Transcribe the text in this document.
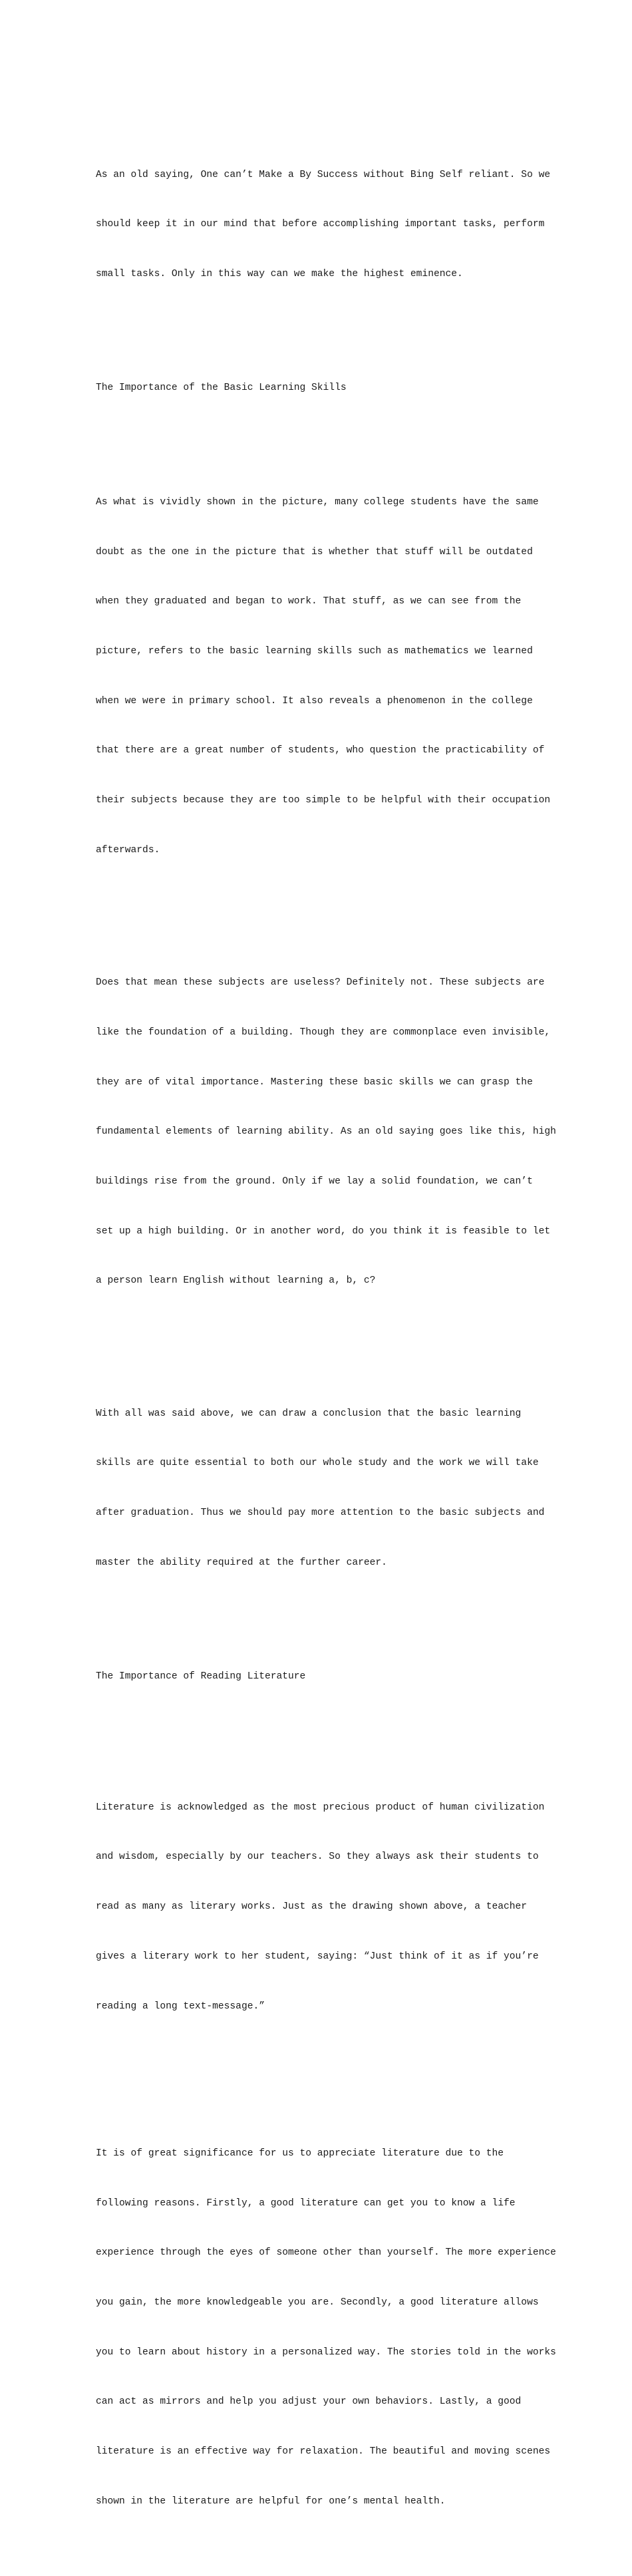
As an old saying, One can’t Make a By Success without Bing Self reliant. So we

should keep it in our mind that before accomplishing important tasks, perform

small tasks. Only in this way can we make the highest eminence.

The Importance of the Basic Learning Skills

As what is vividly shown in the picture, many college students have the same

doubt as the one in the picture that is whether that stuff will be outdated

when they graduated and began to work. That stuff, as we can see from the

picture, refers to the basic learning skills such as mathematics we learned

when we were in primary school. It also reveals a phenomenon in the college

that there are a great number of students, who question the practicability of

their subjects because they are too simple to be helpful with their occupation

afterwards.

Does that mean these subjects are useless? Definitely not. These subjects are

like the foundation of a building. Though they are commonplace even invisible,

they are of vital importance. Mastering these basic skills we can grasp the

fundamental elements of learning ability. As an old saying goes like this, high

buildings rise from the ground. Only if we lay a solid foundation, we can’t

set up a high building. Or in another word, do you think it is feasible to let

a person learn English without learning a, b, c?

With all was said above, we can draw a conclusion that the basic learning

skills are quite essential to both our whole study and the work we will take

after graduation. Thus we should pay more attention to the basic subjects and

master the ability required at the further career.

The Importance of Reading Literature

Literature is acknowledged as the most precious product of human civilization

and wisdom, especially by our teachers. So they always ask their students to

read as many as literary works. Just as the drawing shown above, a teacher

gives a literary work to her student, saying: “Just think of it as if you’re

reading a long text-message.”

It is of great significance for us to appreciate literature due to the

following reasons. Firstly, a good literature can get you to know a life

experience through the eyes of someone other than yourself. The more experience

you gain, the more knowledgeable you are. Secondly, a good literature allows

you to learn about history in a personalized way. The stories told in the works

can act as mirrors and help you adjust your own behaviors. Lastly, a good

literature is an effective way for relaxation. The beautiful and moving scenes

shown in the literature are helpful for one’s mental health.
